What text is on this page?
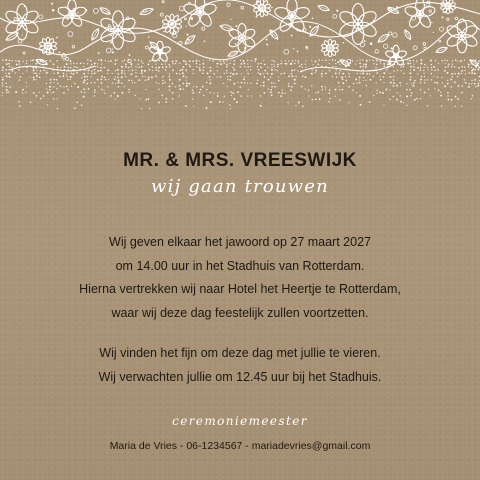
MR. & MRS. VREESWIJK
wij gaan trouwen
Wij geven elkaar het jawoord op 27 maart 2027
om 14.00 uur in het Stadhuis van Rotterdam.
Hierna vertrekken wij naar Hotel het Heertje te Rotterdam,
waar wij deze dag feestelijk zullen voortzetten.
Wij vinden het fijn om deze dag met jullie te vieren.
Wij verwachten jullie om 12.45 uur bij het Stadhuis.
ceremoniemeester
Maria de Vries - 06-1234567 - mariadevries@gmail.com
